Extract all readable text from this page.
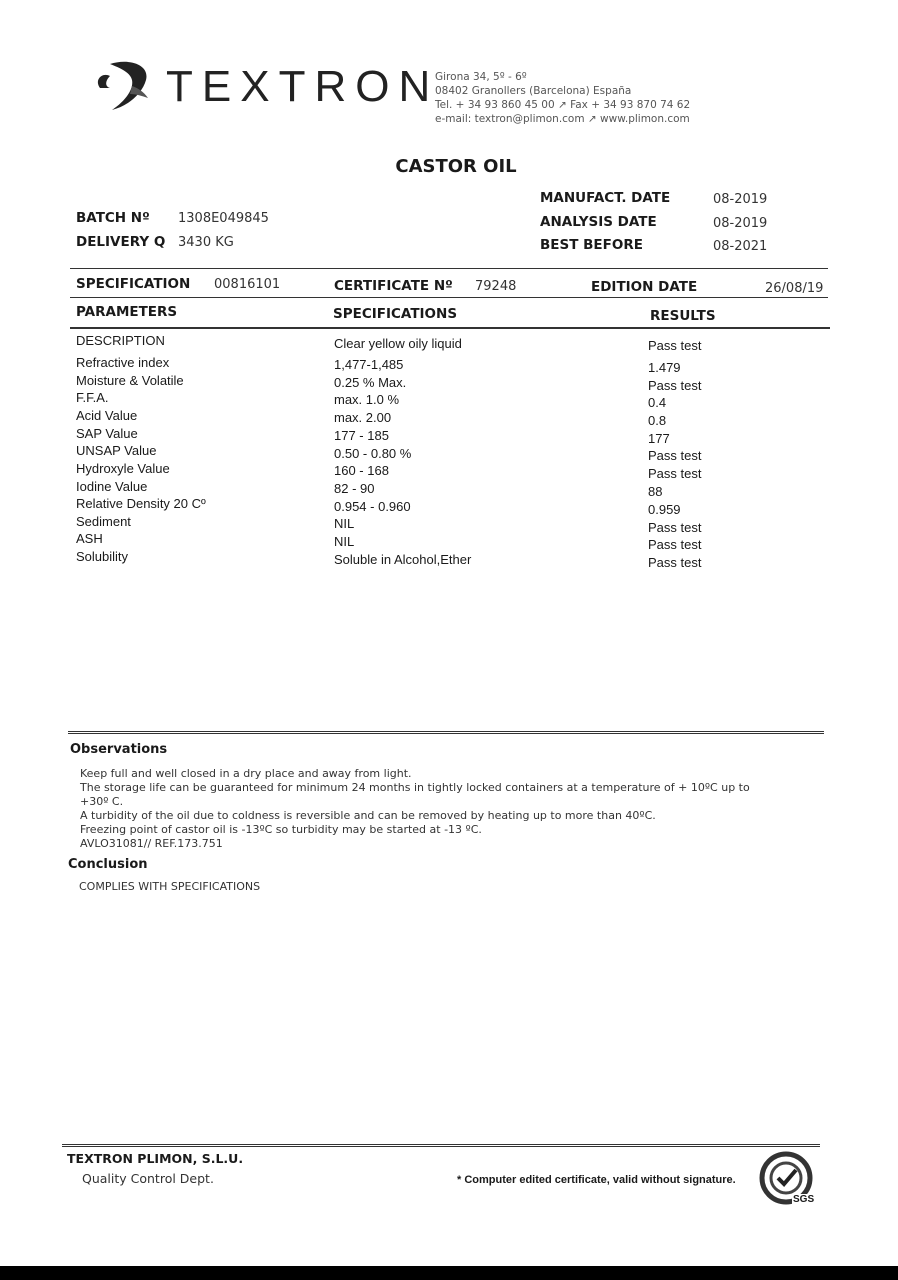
TEXTRON
Girona 34, 5º - 6º
08402 Granollers (Barcelona) España
Tel. + 34 93 860 45 00 ↗ Fax + 34 93 870 74 62
e-mail: textron@plimon.com ↗ www.plimon.com
CASTOR OIL
BATCH Nº 1308E049845
DELIVERY Q 3430 KG
MANUFACT. DATE	08-2019
ANALYSIS DATE	08-2019
BEST BEFORE	08-2021
SPECIFICATION 00816101	CERTIFICATE Nº 79248	EDITION DATE	26/08/19
PARAMETERS	SPECIFICATIONS	RESULTS
DESCRIPTION	Clear yellow oily liquid	Pass test
Refractive index	1,477-1,485	1.479
Moisture & Volatile	0.25 % Max.	Pass test
F.F.A.	max. 1.0 %	0.4
Acid Value	max. 2.00	0.8
SAP Value	177 - 185	177
UNSAP Value	0.50 - 0.80 %	Pass test
Hydroxyle Value	160 - 168	Pass test
Iodine Value	82 - 90	88
Relative Density 20 Cº	0.954 - 0.960	0.959
Sediment	NIL	Pass test
ASH	NIL	Pass test
Solubility	Soluble in Alcohol,Ether	Pass test
Observations
Keep full and well closed in a dry place and away from light.
The storage life can be guaranteed for minimum 24 months in tightly locked containers at a temperature of + 10ºC up to
+30º C.
A turbidity of the oil due to coldness is reversible and can be removed by heating up to more than 40ºC.
Freezing point of castor oil is -13ºC so turbidity may be started at -13 ºC.
AVLO31081// REF.173.751
Conclusion
COMPLIES WITH SPECIFICATIONS
TEXTRON PLIMON, S.L.U.
Quality Control Dept.	* Computer edited certificate, valid without signature.
SGS
